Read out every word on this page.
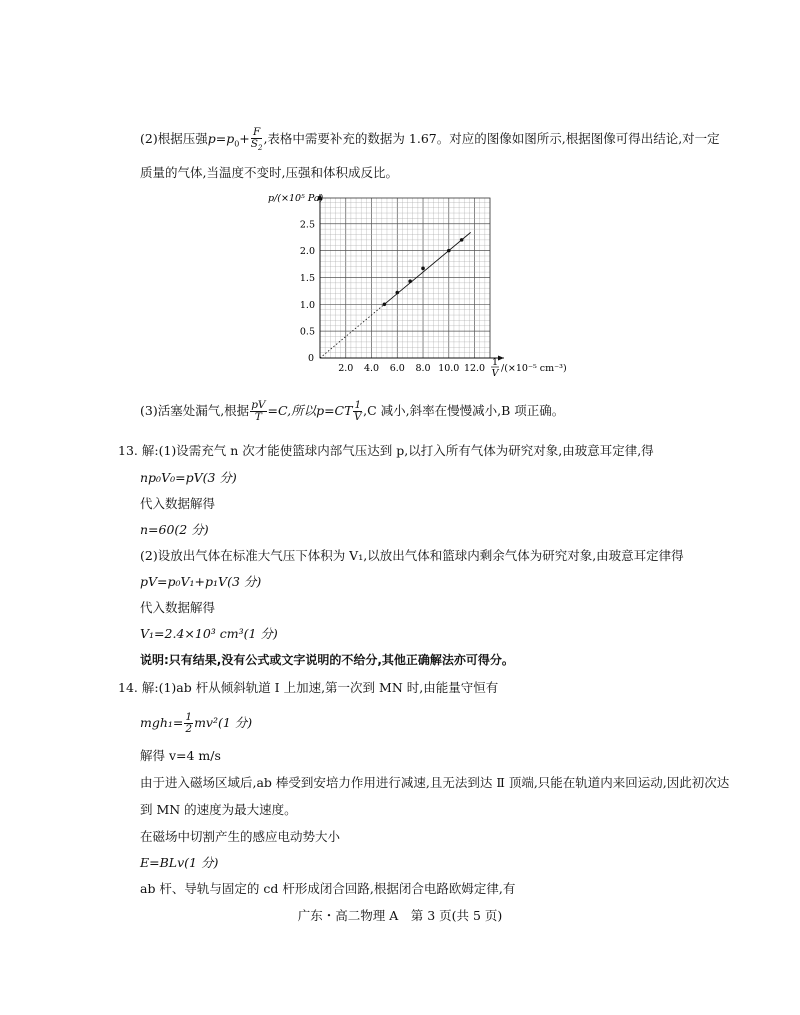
(2)根据压强$p=p_0+ \frac{F}{S_2}$ ,表格中需要补充的数据为 1.67。对应的图像如图所示,根据图像可得出结论,对一定
质量的气体,当温度不变时,压强和体积成反比。
2.0 4.0 6.0 8.0 10.0 12.0
0.5
1.0
1.5
2.0
2.5
0
p/(×10⁵ Pa)
1
V /(×10⁻⁵ cm⁻³)
(3)活塞处漏气,根据 $\frac{pV}{T} =C$,所以$p=CT \frac{1}{V} ,C$ 减小,斜率在慢慢减小,B 项正确。
13. 解:(1)设需充气 n 次才能使篮球内部气压达到 p,以打入所有气体为研究对象,由玻意耳定律,得
np₀V₀=pV(3 分)
代入数据解得
n=60(2 分)
(2)设放出气体在标准大气压下体积为 V₁,以放出气体和篮球内剩余气体为研究对象,由玻意耳定律得
pV=p₀V₁+p₁V(3 分)
代入数据解得
V₁=2.4×10³ cm³(1 分)
说明:只有结果,没有公式或文字说明的不给分,其他正确解法亦可得分。
14. 解:(1)ab 杆从倾斜轨道 Ⅰ 上加速,第一次到 MN 时,由能量守恒有
$mgh_1= \frac{1}{2} mv^2(1$ 分)
解得 v=4 m/s
由于进入磁场区域后,ab 棒受到安培力作用进行减速,且无法到达 Ⅱ 顶端,只能在轨道内来回运动,因此初次达
到 MN 的速度为最大速度。
在磁场中切割产生的感应电动势大小
E=BLv(1 分)
ab 杆、导轨与固定的 cd 杆形成闭合回路,根据闭合电路欧姆定律,有
广东・高二物理 A　第 3 页(共 5 页)
